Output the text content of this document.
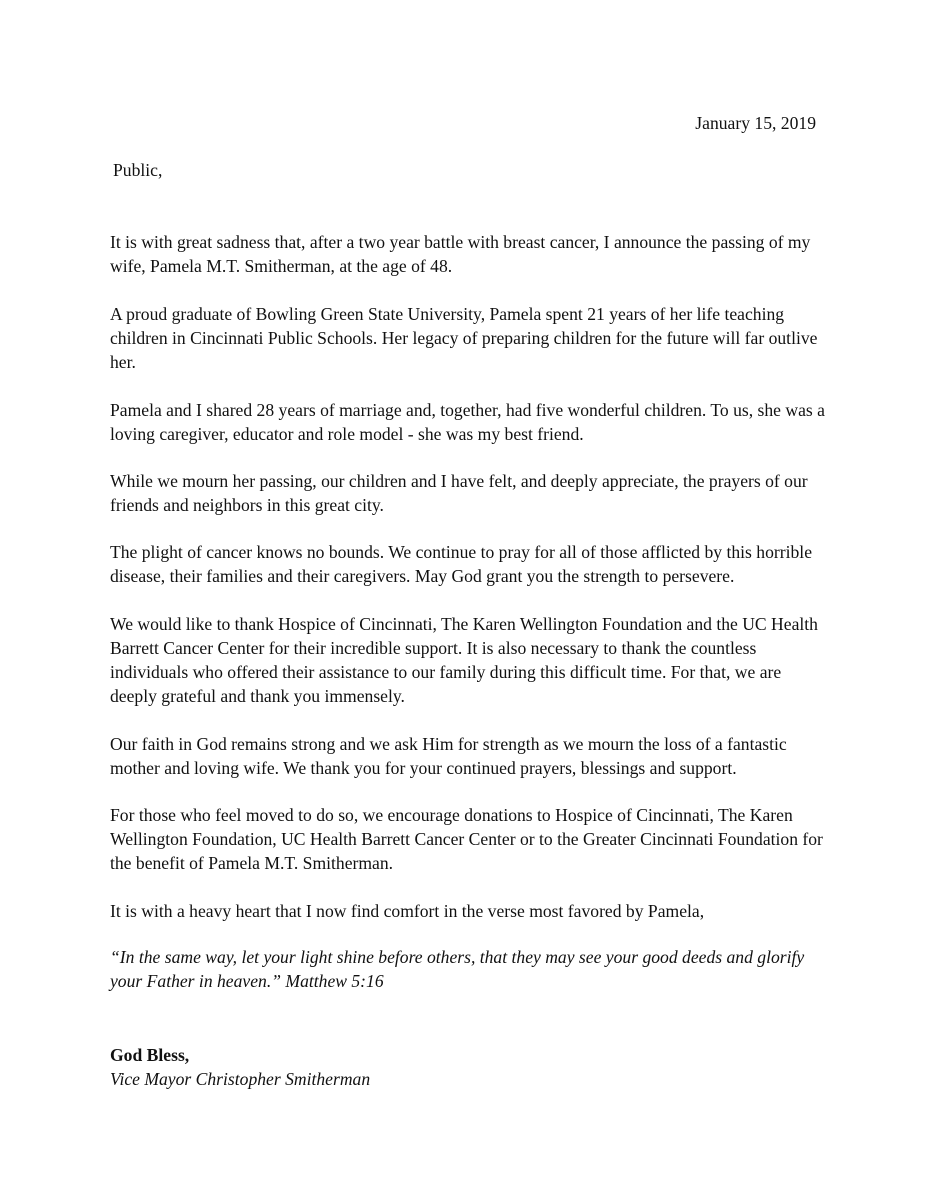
January 15, 2019
Public,

It is with great sadness that, after a two year battle with breast cancer, I announce the passing of my wife, Pamela M.T. Smitherman, at the age of 48.

A proud graduate of Bowling Green State University, Pamela spent 21 years of her life teaching children in Cincinnati Public Schools. Her legacy of preparing children for the future will far outlive her.

Pamela and I shared 28 years of marriage and, together, had five wonderful children. To us, she was a loving caregiver, educator and role model - she was my best friend.

While we mourn her passing, our children and I have felt, and deeply appreciate, the prayers of our friends and neighbors in this great city.

The plight of cancer knows no bounds. We continue to pray for all of those afflicted by this horrible disease, their families and their caregivers. May God grant you the strength to persevere.

We would like to thank Hospice of Cincinnati, The Karen Wellington Foundation and the UC Health Barrett Cancer Center for their incredible support. It is also necessary to thank the countless individuals who offered their assistance to our family during this difficult time. For that, we are deeply grateful and thank you immensely.

Our faith in God remains strong and we ask Him for strength as we mourn the loss of a fantastic mother and loving wife. We thank you for your continued prayers, blessings and support.

For those who feel moved to do so, we encourage donations to Hospice of Cincinnati, The Karen Wellington Foundation, UC Health Barrett Cancer Center or to the Greater Cincinnati Foundation for the benefit of Pamela M.T. Smitherman.

It is with a heavy heart that I now find comfort in the verse most favored by Pamela,

“In the same way, let your light shine before others, that they may see your good deeds and glorify your Father in heaven.” Matthew 5:16

God Bless,
Vice Mayor Christopher Smitherman
